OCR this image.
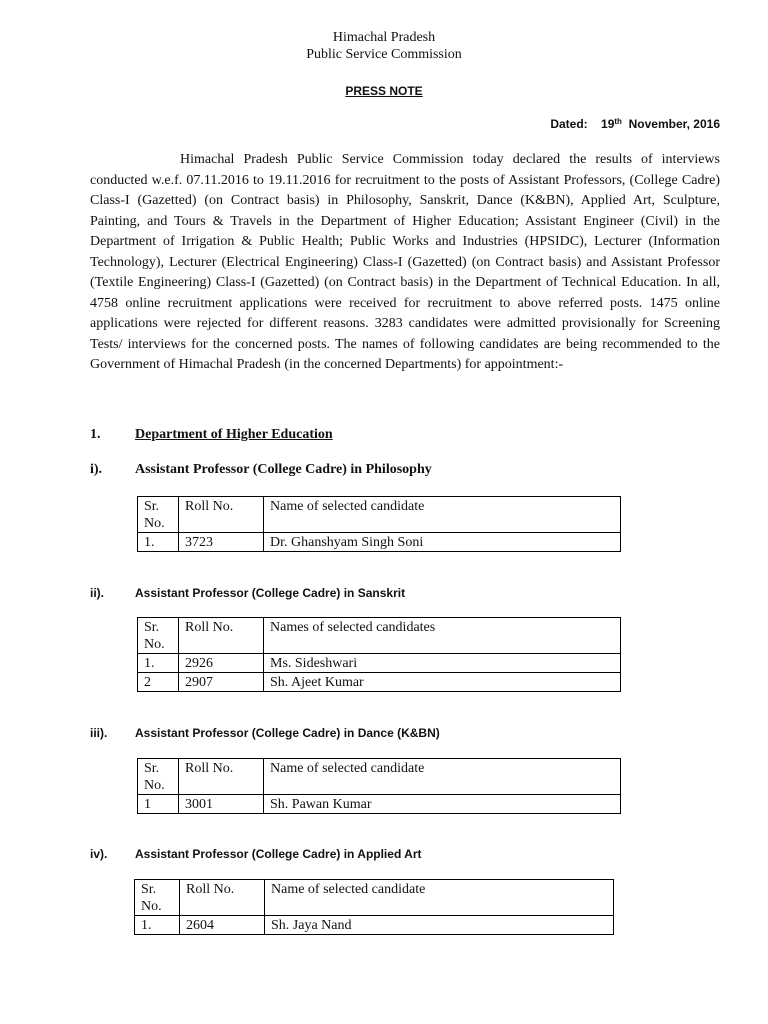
Himachal Pradesh
Public Service Commission
PRESS NOTE
Dated: 19th November, 2016

Himachal Pradesh Public Service Commission today declared the results of interviews conducted w.e.f. 07.11.2016 to 19.11.2016 for recruitment to the posts of Assistant Professors, (College Cadre) Class-I (Gazetted) (on Contract basis) in Philosophy, Sanskrit, Dance (K&BN), Applied Art, Sculpture, Painting, and Tours & Travels in the Department of Higher Education; Assistant Engineer (Civil) in the Department of Irrigation & Public Health; Public Works and Industries (HPSIDC), Lecturer (Information Technology), Lecturer (Electrical Engineering) Class-I (Gazetted) (on Contract basis) and Assistant Professor (Textile Engineering) Class-I (Gazetted) (on Contract basis) in the Department of Technical Education. In all, 4758 online recruitment applications were received for recruitment to above referred posts. 1475 online applications were rejected for different reasons. 3283 candidates were admitted provisionally for Screening Tests/ interviews for the concerned posts. The names of following candidates are being recommended to the Government of Himachal Pradesh (in the concerned Departments) for appointment:-

1. Department of Higher Education
i). Assistant Professor (College Cadre) in Philosophy
Sr. No.	Roll No.	Name of selected candidate
1.	3723	Dr. Ghanshyam Singh Soni
ii).	Assistant Professor (College Cadre) in Sanskrit
Sr. No.	Roll No.	Names of selected candidates
1.	2926	Ms. Sideshwari
2	2907	Sh. Ajeet Kumar
iii). Assistant Professor (College Cadre) in Dance (K&BN)
Sr. No.	Roll No.	Name of selected candidate
1	3001	Sh. Pawan Kumar
iv). Assistant Professor (College Cadre) in Applied Art
Sr. No.	Roll No.	Name of selected candidate
1.	2604	Sh. Jaya Nand
